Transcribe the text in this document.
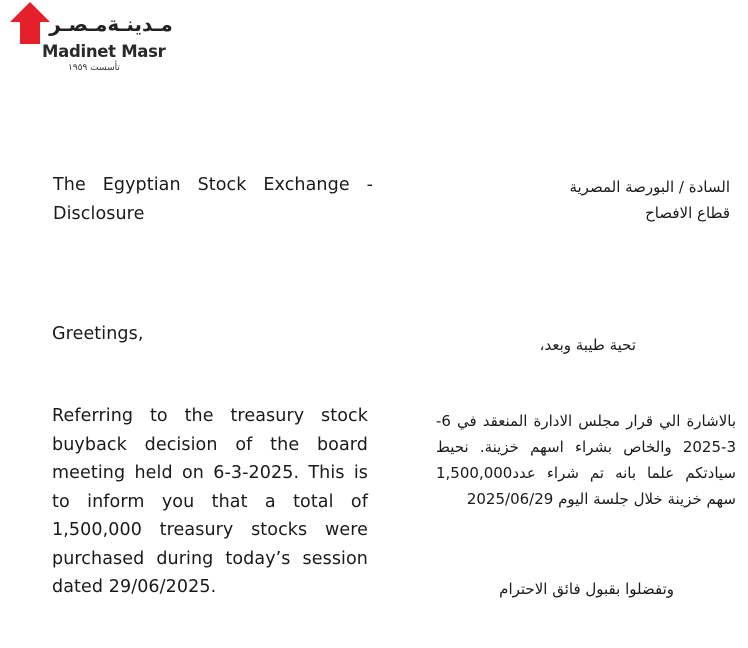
مـدينـةمـصـر
Madinet Masr
تأسست ١٩٥٩
The Egyptian Stock Exchange -
Disclosure
Greetings,
Referring to the treasury stock buyback decision of the board meeting held on 6-3-2025. This is to inform you that a total of 1,500,000 treasury stocks were purchased during today’s session dated 29/06/2025.
السادة / البورصة المصرية
قطاع الافصاح
تحية طيبة وبعد،
بالاشارة الي قرار مجلس الادارة المنعقد في 6-3-2025 والخاص بشراء اسهم خزينة. نحيط سيادتكم علما بانه تم شراء عدد1,500,000 سهم خزينة خلال جلسة اليوم 2025/06/29
وتفضلوا بقبول فائق الاحترام
